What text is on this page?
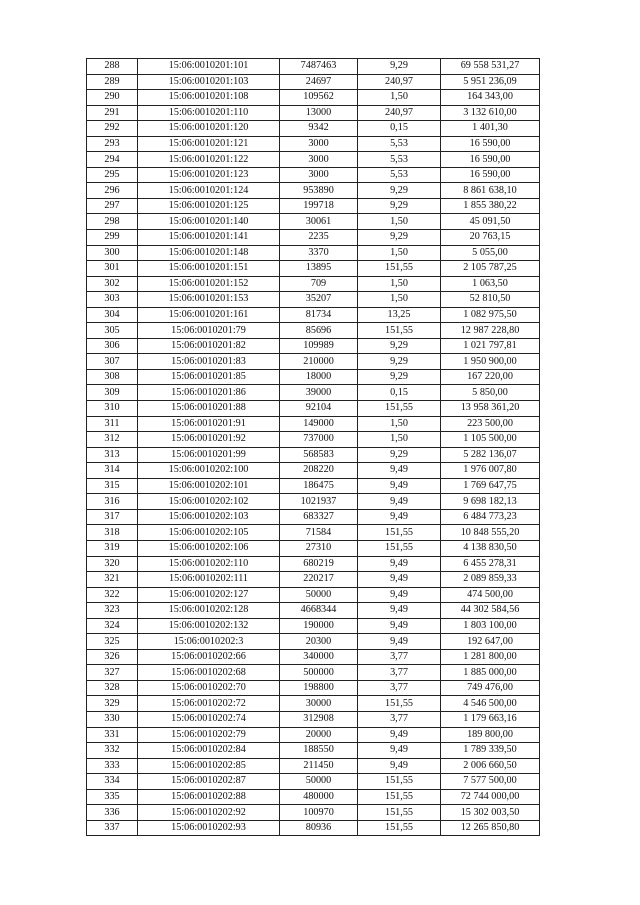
288	15:06:0010201:101	7487463	9,29	69 558 531,27
289	15:06:0010201:103	24697	240,97	5 951 236,09
290	15:06:0010201:108	109562	1,50	164 343,00
291	15:06:0010201:110	13000	240,97	3 132 610,00
292	15:06:0010201:120	9342	0,15	1 401,30
293	15:06:0010201:121	3000	5,53	16 590,00
294	15:06:0010201:122	3000	5,53	16 590,00
295	15:06:0010201:123	3000	5,53	16 590,00
296	15:06:0010201:124	953890	9,29	8 861 638,10
297	15:06:0010201:125	199718	9,29	1 855 380,22
298	15:06:0010201:140	30061	1,50	45 091,50
299	15:06:0010201:141	2235	9,29	20 763,15
300	15:06:0010201:148	3370	1,50	5 055,00
301	15:06:0010201:151	13895	151,55	2 105 787,25
302	15:06:0010201:152	709	1,50	1 063,50
303	15:06:0010201:153	35207	1,50	52 810,50
304	15:06:0010201:161	81734	13,25	1 082 975,50
305	15:06:0010201:79	85696	151,55	12 987 228,80
306	15:06:0010201:82	109989	9,29	1 021 797,81
307	15:06:0010201:83	210000	9,29	1 950 900,00
308	15:06:0010201:85	18000	9,29	167 220,00
309	15:06:0010201:86	39000	0,15	5 850,00
310	15:06:0010201:88	92104	151,55	13 958 361,20
311	15:06:0010201:91	149000	1,50	223 500,00
312	15:06:0010201:92	737000	1,50	1 105 500,00
313	15:06:0010201:99	568583	9,29	5 282 136,07
314	15:06:0010202:100	208220	9,49	1 976 007,80
315	15:06:0010202:101	186475	9,49	1 769 647,75
316	15:06:0010202:102	1021937	9,49	9 698 182,13
317	15:06:0010202:103	683327	9,49	6 484 773,23
318	15:06:0010202:105	71584	151,55	10 848 555,20
319	15:06:0010202:106	27310	151,55	4 138 830,50
320	15:06:0010202:110	680219	9,49	6 455 278,31
321	15:06:0010202:111	220217	9,49	2 089 859,33
322	15:06:0010202:127	50000	9,49	474 500,00
323	15:06:0010202:128	4668344	9,49	44 302 584,56
324	15:06:0010202:132	190000	9,49	1 803 100,00
325	15:06:0010202:3	20300	9,49	192 647,00
326	15:06:0010202:66	340000	3,77	1 281 800,00
327	15:06:0010202:68	500000	3,77	1 885 000,00
328	15:06:0010202:70	198800	3,77	749 476,00
329	15:06:0010202:72	30000	151,55	4 546 500,00
330	15:06:0010202:74	312908	3,77	1 179 663,16
331	15:06:0010202:79	20000	9,49	189 800,00
332	15:06:0010202:84	188550	9,49	1 789 339,50
333	15:06:0010202:85	211450	9,49	2 006 660,50
334	15:06:0010202:87	50000	151,55	7 577 500,00
335	15:06:0010202:88	480000	151,55	72 744 000,00
336	15:06:0010202:92	100970	151,55	15 302 003,50
337	15:06:0010202:93	80936	151,55	12 265 850,80
